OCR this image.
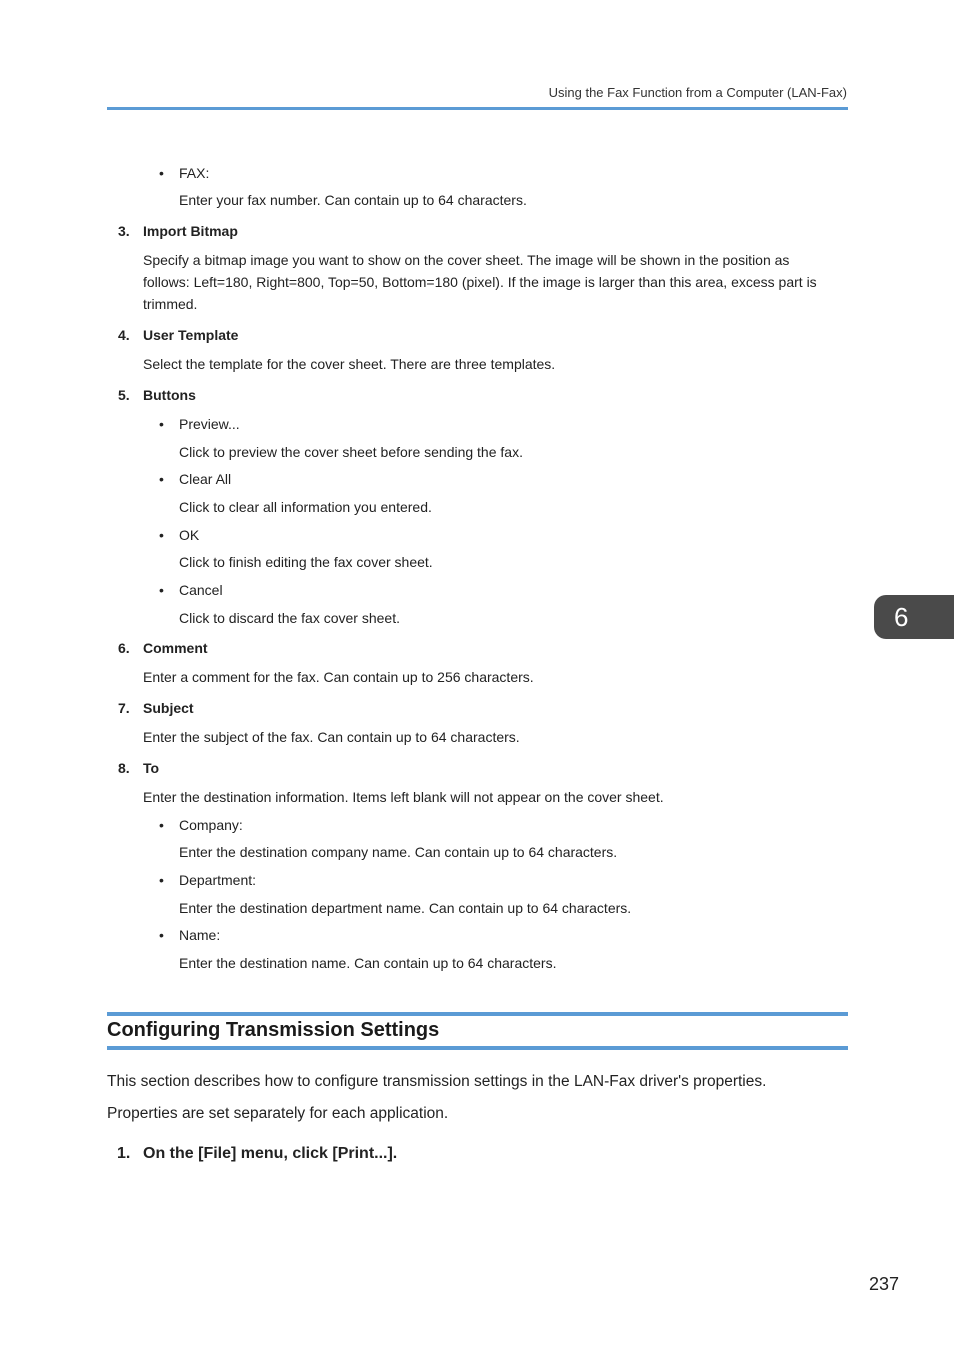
Using the Fax Function from a Computer (LAN-Fax)
• FAX:
Enter your fax number. Can contain up to 64 characters.
3. Import Bitmap
Specify a bitmap image you want to show on the cover sheet. The image will be shown in the position as
follows: Left=180, Right=800, Top=50, Bottom=180 (pixel). If the image is larger than this area, excess part is
trimmed.
4. User Template
Select the template for the cover sheet. There are three templates.
5. Buttons
• Preview...
Click to preview the cover sheet before sending the fax.
• Clear All
Click to clear all information you entered.
• OK
Click to finish editing the fax cover sheet.
• Cancel
Click to discard the fax cover sheet.
6. Comment
Enter a comment for the fax. Can contain up to 256 characters.
7. Subject
Enter the subject of the fax. Can contain up to 64 characters.
8. To
Enter the destination information. Items left blank will not appear on the cover sheet.
• Company:
Enter the destination company name. Can contain up to 64 characters.
• Department:
Enter the destination department name. Can contain up to 64 characters.
• Name:
Enter the destination name. Can contain up to 64 characters.
Configuring Transmission Settings
This section describes how to configure transmission settings in the LAN-Fax driver's properties.
Properties are set separately for each application.
1. On the [File] menu, click [Print...].
6
237
